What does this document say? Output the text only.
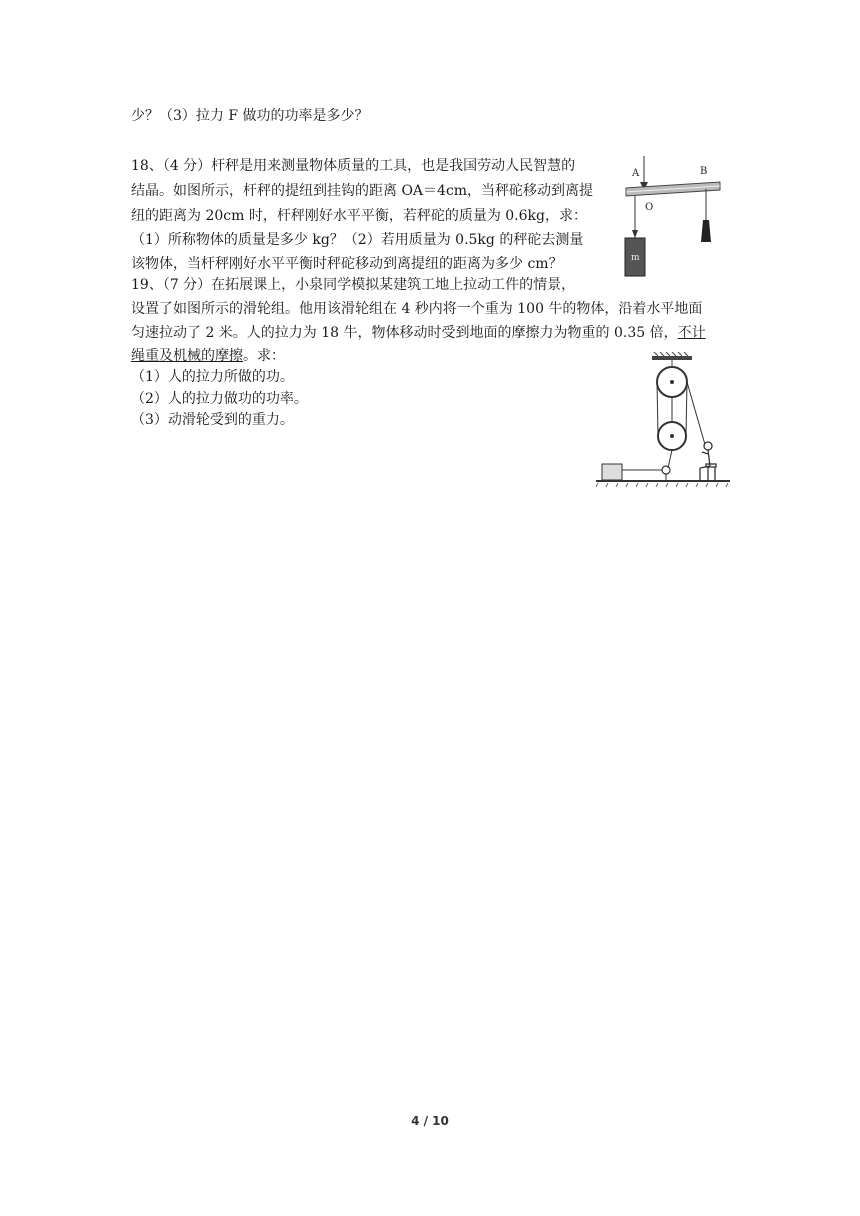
少？（3）拉力 F 做功的功率是多少？
18、（4 分）杆秤是用来测量物体质量的工具，也是我国劳动人民智慧的
结晶。如图所示，杆秤的提纽到挂钩的距离 OA＝4cm，当秤砣移动到离提
纽的距离为 20cm 时，杆秤刚好水平平衡，若秤砣的质量为 0.6kg，求：
（1）所称物体的质量是多少 kg？（2）若用质量为 0.5kg 的秤砣去测量
该物体，当杆秤刚好水平平衡时秤砣移动到离提纽的距离为多少 cm？
A	B
O
m
19、（7 分）在拓展课上，小泉同学模拟某建筑工地上拉动工件的情景，
设置了如图所示的滑轮组。他用该滑轮组在 4 秒内将一个重为 100 牛的物体，沿着水平地面
匀速拉动了 2 米。人的拉力为 18 牛，物体移动时受到地面的摩擦力为物重的 0.35 倍，不计
绳重及机械的摩擦。求：
（1）人的拉力所做的功。
（2）人的拉力做功的功率。
（3）动滑轮受到的重力。
4 / 10
